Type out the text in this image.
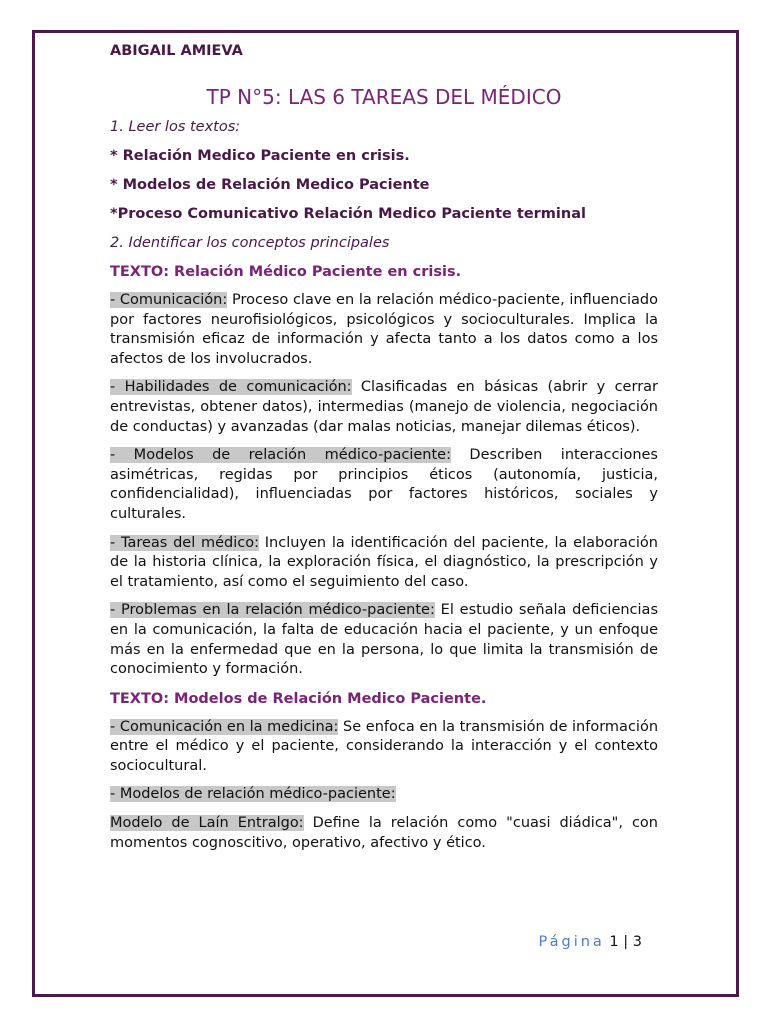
ABIGAIL AMIEVA

TP N°5: LAS 6 TAREAS DEL MÉDICO

1. Leer los textos:

* Relación Medico Paciente en crisis.

* Modelos de Relación Medico Paciente

*Proceso Comunicativo Relación Medico Paciente terminal

2. Identificar los conceptos principales

TEXTO: Relación Médico Paciente en crisis.

- Comunicación: Proceso clave en la relación médico-paciente, influenciado por factores neurofisiológicos, psicológicos y socioculturales. Implica la transmisión eficaz de información y afecta tanto a los datos como a los afectos de los involucrados.

- Habilidades de comunicación: Clasificadas en básicas (abrir y cerrar entrevistas, obtener datos), intermedias (manejo de violencia, negociación de conductas) y avanzadas (dar malas noticias, manejar dilemas éticos).

- Modelos de relación médico-paciente: Describen interacciones asimétricas, regidas por principios éticos (autonomía, justicia, confidencialidad), influenciadas por factores históricos, sociales y culturales.

- Tareas del médico: Incluyen la identificación del paciente, la elaboración de la historia clínica, la exploración física, el diagnóstico, la prescripción y el tratamiento, así como el seguimiento del caso.

- Problemas en la relación médico-paciente: El estudio señala deficiencias en la comunicación, la falta de educación hacia el paciente, y un enfoque más en la enfermedad que en la persona, lo que limita la transmisión de conocimiento y formación.

TEXTO: Modelos de Relación Medico Paciente.

- Comunicación en la medicina: Se enfoca en la transmisión de información entre el médico y el paciente, considerando la interacción y el contexto sociocultural.

- Modelos de relación médico-paciente:

Modelo de Laín Entralgo: Define la relación como "cuasi diádica", con momentos cognoscitivo, operativo, afectivo y ético.

Página 1 | 3
